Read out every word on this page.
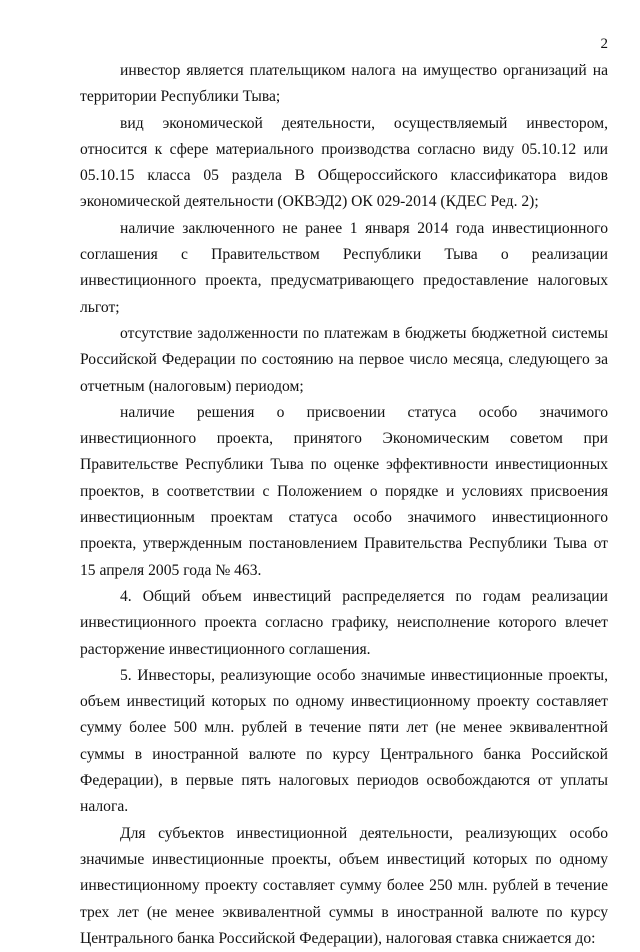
2

инвестор является плательщиком налога на имущество организаций на территории Республики Тыва;

вид экономической деятельности, осуществляемый инвестором, относится к сфере материального производства согласно виду 05.10.12 или 05.10.15 класса 05 раздела В Общероссийского классификатора видов экономической деятельности (ОКВЭД2) ОК 029-2014 (КДЕС Ред. 2);

наличие заключенного не ранее 1 января 2014 года инвестиционного соглашения с Правительством Республики Тыва о реализации инвестиционного проекта, предусматривающего предоставление налоговых льгот;

отсутствие задолженности по платежам в бюджеты бюджетной системы Российской Федерации по состоянию на первое число месяца, следующего за отчетным (налоговым) периодом;

наличие решения о присвоении статуса особо значимого инвестиционного проекта, принятого Экономическим советом при Правительстве Республики Тыва по оценке эффективности инвестиционных проектов, в соответствии с Положением о порядке и условиях присвоения инвестиционным проектам статуса особо значимого инвестиционного проекта, утвержденным постановлением Правительства Республики Тыва от 15 апреля 2005 года № 463.

4. Общий объем инвестиций распределяется по годам реализации инвестиционного проекта согласно графику, неисполнение которого влечет расторжение инвестиционного соглашения.

5. Инвесторы, реализующие особо значимые инвестиционные проекты, объем инвестиций которых по одному инвестиционному проекту составляет сумму более 500 млн. рублей в течение пяти лет (не менее эквивалентной суммы в иностранной валюте по курсу Центрального банка Российской Федерации), в первые пять налоговых периодов освобождаются от уплаты налога.

Для субъектов инвестиционной деятельности, реализующих особо значимые инвестиционные проекты, объем инвестиций которых по одному инвестиционному проекту составляет сумму более 250 млн. рублей в течение трех лет (не менее эквивалентной суммы в иностранной валюте по курсу Центрального банка Российской Федерации), налоговая ставка снижается до:
